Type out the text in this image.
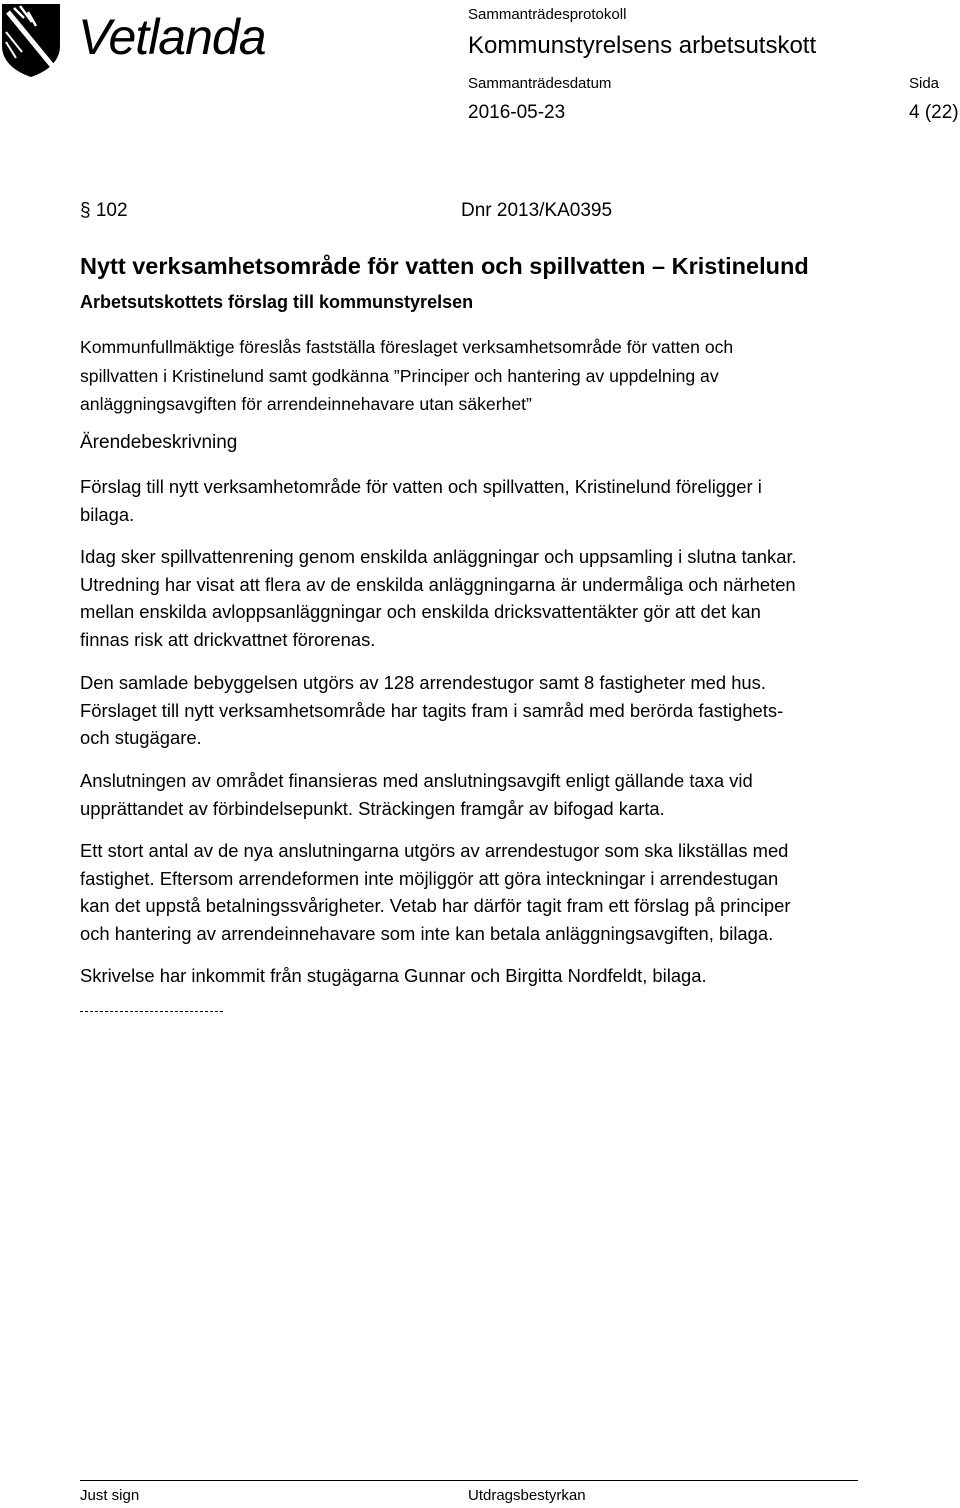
Vetlanda	Sammanträdesprotokoll
Kommunstyrelsens arbetsutskott
Sammanträdesdatum	Sida
2016-05-23	4 (22)
§ 102	Dnr 2013/KA0395
Nytt verksamhetsområde för vatten och spillvatten – Kristinelund
Arbetsutskottets förslag till kommunstyrelsen
Kommunfullmäktige föreslås fastställa föreslaget verksamhetsområde för vatten och
spillvatten i Kristinelund samt godkänna ”Principer och hantering av uppdelning av
anläggningsavgiften för arrendeinnehavare utan säkerhet”
Ärendebeskrivning
Förslag till nytt verksamhetområde för vatten och spillvatten, Kristinelund föreligger i
bilaga.
Idag sker spillvattenrening genom enskilda anläggningar och uppsamling i slutna tankar.
Utredning har visat att flera av de enskilda anläggningarna är undermåliga och närheten
mellan enskilda avloppsanläggningar och enskilda dricksvattentäkter gör att det kan
finnas risk att drickvattnet förorenas.
Den samlade bebyggelsen utgörs av 128 arrendestugor samt 8 fastigheter med hus.
Förslaget till nytt verksamhetsområde har tagits fram i samråd med berörda fastighets-
och stugägare.
Anslutningen av området finansieras med anslutningsavgift enligt gällande taxa vid
upprättandet av förbindelsepunkt. Sträckingen framgår av bifogad karta.
Ett stort antal av de nya anslutningarna utgörs av arrendestugor som ska likställas med
fastighet. Eftersom arrendeformen inte möjliggör att göra inteckningar i arrendestugan
kan det uppstå betalningssvårigheter. Vetab har därför tagit fram ett förslag på principer
och hantering av arrendeinnehavare som inte kan betala anläggningsavgiften, bilaga.
Skrivelse har inkommit från stugägarna Gunnar och Birgitta Nordfeldt, bilaga.
Just sign	Utdragsbestyrkan
